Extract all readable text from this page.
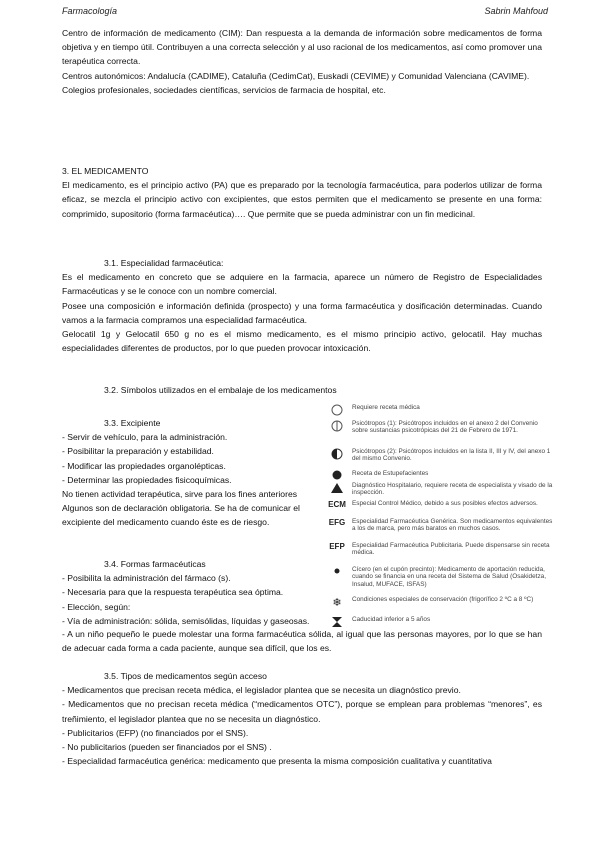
Farmacología	Sabrin Mahfoud

Centro de información de medicamento (CIM): Dan respuesta a la demanda de información sobre medicamentos de forma objetiva y en tiempo útil. Contribuyen a una correcta selección y al uso racional de los medicamentos, así como promover una terapéutica correcta.

Centros autonómicos: Andalucía (CADIME), Cataluña (CedimCat), Euskadi (CEVIME) y Comunidad Valenciana (CAVIME).

Colegios profesionales, sociedades científicas, servicios de farmacia de hospital, etc.

3. EL MEDICAMENTO

El medicamento, es el principio activo (PA) que es preparado por la tecnología farmacéutica, para poderlos utilizar de forma eficaz, se mezcla el principio activo con excipientes, que estos permiten que el medicamento se presente en una forma: comprimido, supositorio (forma farmacéutica)…. Que permite que se pueda administrar con un fin medicinal.

3.1. Especialidad farmacéutica:

Es el medicamento en concreto que se adquiere en la farmacia, aparece un número de Registro de Especialidades Farmacéuticas y se le conoce con un nombre comercial.

Posee una composición e información definida (prospecto) y una forma farmacéutica y dosificación determinadas. Cuando vamos a la farmacia compramos una especialidad farmacéutica.

Gelocatil 1g y Gelocatil 650 g no es el mismo medicamento, es el mismo principio activo, gelocatil. Hay muchas especialidades diferentes de productos, por lo que pueden provocar intoxicación.

3.2. Símbolos utilizados en el embalaje de los medicamentos

3.3. Excipiente

- Servir de vehículo, para la administración.

- Posibilitar la preparación y estabilidad.

- Modificar las propiedades organolépticas.

- Determinar las propiedades fisicoquímicas.

No tienen actividad terapéutica, sirve para los fines anteriores Algunos son de declaración obligatoria. Se ha de comunicar el excipiente del medicamento cuando éste es de riesgo.

3.4. Formas farmacéuticas

- Posibilita la administración del fármaco (s).

- Necesaria para que la respuesta terapéutica sea óptima.

- Elección, según:

- Vía de administración: sólida, semisólidas, líquidas y gaseosas.

- A un niño pequeño le puede molestar una forma farmacéutica sólida, al igual que las personas mayores, por lo que se han de adecuar cada forma a cada paciente, aunque sea difícil, que los es.

3.5. Tipos de medicamentos según acceso

- Medicamentos que precisan receta médica, el legislador plantea que se necesita un diagnóstico previo.

- Medicamentos que no precisan receta médica (“medicamentos OTC”), porque se emplean para problemas “menores”, es treñimiento, el legislador plantea que no se necesita un diagnóstico.

- Publicitarios (EFP) (no financiados por el SNS).

- No publicitarios (pueden ser financiados por el SNS) .

- Especialidad farmacéutica genérica: medicamento que presenta la misma composición cualitativa y cuantitativa

Requiere receta médica
Psicótropos (1): Psicótropos incluidos en el anexo 2 del Convenio sobre sustancias psicotrópicas del 21 de Febrero de 1971.
Psicótropos (2): Psicótropos incluidos en la lista II, III y IV, del anexo 1 del mismo Convenio.
Receta de Estupefacientes
Diagnóstico Hospitalario, requiere receta de especialista y visado de la inspección.
ECM Especial Control Médico, debido a sus posibles efectos adversos.
EFG	Especialidad Farmacéutica Genérica. Son medicamentos equivalentes a los de marca, pero más baratos en muchos casos.
EFP	Especialidad Farmacéutica Publicitaria. Puede dispensarse sin receta médica.
Cícero (en el cupón precinto): Medicamento de aportación reducida, cuando se financia en una receta del Sistema de Salud (Osakidetza, Insalud, MUFACE, ISFAS)
❄	Condiciones especiales de conservación (frigorífico 2 ºC a 8 ºC)
Caducidad inferior a 5 años
